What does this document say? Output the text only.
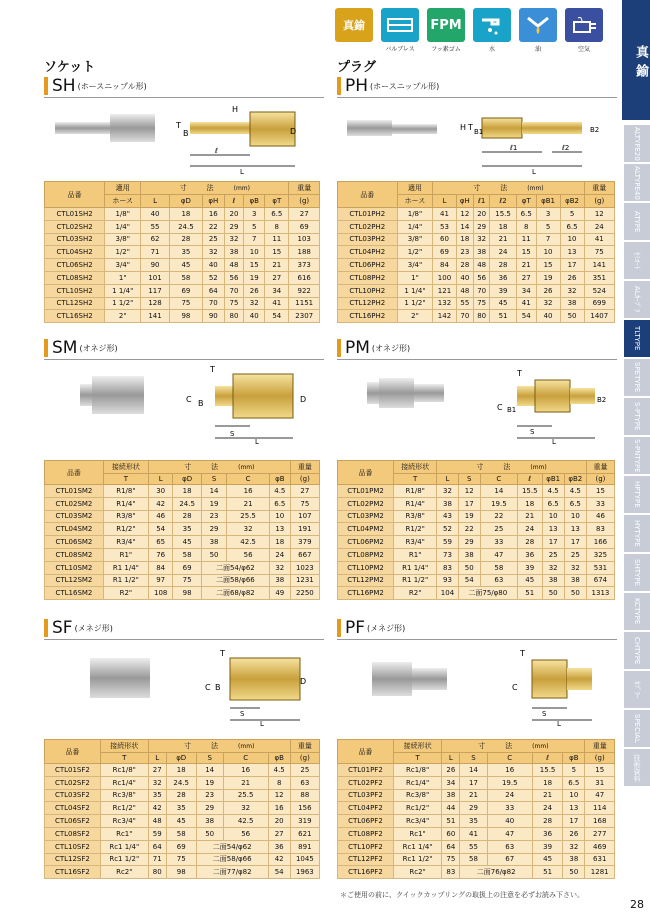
真鍮
バルブレス
FPM
フッ素ゴム	水	油	空気	真鍮
ALTYPE20
ALTYPE40
ATYPE
ｾﾐｵｰﾄ
ALｶｰﾌﾟﾗ
TLTYPE
SPETYPE
S-PTYPE
S-PNTYPE
HPTYPE
HYTYPE
SHTYPE
KCTYPE
CHTYPE
ｶﾌﾟﾗｰ
SPECIAL
技術資料
28
ソケット	プラグ
SH (ホースニップル形)	PH (ホースニップル形)
SM (オネジ形)	PM (オネジ形)
SF (メネジ形)	PF (メネジ形)
H
D
T
B
ℓ
L
H T B1	B2
ℓ1	ℓ2
L
T
C B	D
S
L
T
C B1
B2
S
L
T
C B
D
S
L
T
C
S
L
品番	適用	寸 法 (mm)						重量
	ホース	L	φD	φH	ℓ	φB	φT	(g)
CTL01SH2	1/8"	40	18	16	20	3	6.5	27
CTL02SH2	1/4"	55	24.5	22	29	5	8	69
CTL03SH2	3/8"	62	28	25	32	7	11	103
CTL04SH2	1/2"	71	35	32	38	10	15	188
CTL06SH2	3/4"	90	45	40	48	15	21	373
CTL08SH2	1"	101	58	52	56	19	27	616
CTL10SH2	1 1/4"	117	69	64	70	26	34	922
CTL12SH2	1 1/2"	128	75	70	75	32	41	1151
CTL16SH2	2"	141	98	90	80	40	54	2307
品番	適用	寸 法 (mm)							重量
	ホース	L	φH	ℓ1	ℓ2	φT	φB1	φB2	(g)
CTL01PH2	1/8"	41	12	20	15.5	6.5	3	5	12
CTL02PH2	1/4"	53	14	29	18	8	5	6.5	24
CTL03PH2	3/8"	60	18	32	21	11	7	10	41
CTL04PH2	1/2"	69	23	38	24	15	10	13	75
CTL06PH2	3/4"	84	28	48	28	21	15	17	141
CTL08PH2	1"	100	40	56	36	27	19	26	351
CTL10PH2	1 1/4"	121	48	70	39	34	26	32	524
CTL12PH2	1 1/2"	132	55	75	45	41	32	38	699
CTL16PH2	2"	142	70	80	51	54	40	50	1407
品番	接続形状	寸 法 (mm)					重量
	T	L	φD	S	C	φB	(g)
CTL01SM2	R1/8"	30	18	14	16	4.5	27
CTL02SM2	R1/4"	42	24.5	19	21	6.5	75
CTL03SM2	R3/8"	46	28	23	25.5	10	107
CTL04SM2	R1/2"	54	35	29	32	13	191
CTL06SM2	R3/4"	65	45	38	42.5	18	379
CTL08SM2	R1"	76	58	50	56	24	667
CTL10SM2	R1 1/4"	84	69	二面54/φ62		32	1023
CTL12SM2	R1 1/2"	97	75	二面58/φ66		38	1231
CTL16SM2	R2"	108	98	二面68/φ82		49	2250
品番	接続形状	寸 法 (mm)						重量
	T	L	S	C	ℓ	φB1	φB2	(g)
CTL01PM2	R1/8"	32	12	14	15.5	4.5	4.5	15
CTL02PM2	R1/4"	38	17	19.5	18	6.5	6.5	33
CTL03PM2	R3/8"	43	19	22	21	10	10	46
CTL04PM2	R1/2"	52	22	25	24	13	13	83
CTL06PM2	R3/4"	59	29	33	28	17	17	166
CTL08PM2	R1"	73	38	47	36	25	25	325
CTL10PM2	R1 1/4"	83	50	58	39	32	32	531
CTL12PM2	R1 1/2"	93	54	63	45	38	38	674
CTL16PM2	R2"	104	二面75/φ80		51	50	50	1313
品番	接続形状	寸 法 (mm)					重量
	T	L	φD	S	C	φB	(g)
CTL01SF2	Rc1/8"	27	18	14	16	4.5	25
CTL02SF2	Rc1/4"	32	24.5	19	21	8	63
CTL03SF2	Rc3/8"	35	28	23	25.5	12	88
CTL04SF2	Rc1/2"	42	35	29	32	16	156
CTL06SF2	Rc3/4"	48	45	38	42.5	20	319
CTL08SF2	Rc1"	59	58	50	56	27	621
CTL10SF2	Rc1 1/4"	64	69	二面54/φ62		36	891
CTL12SF2	Rc1 1/2"	71	75	二面58/φ66		42	1045
CTL16SF2	Rc2"	80	98	二面77/φ82		54	1963
品番	接続形状	寸 法 (mm)					重量
	T	L	S	C	ℓ	φB	(g)
CTL01PF2	Rc1/8"	26	14	16	15.5	5	15
CTL02PF2	Rc1/4"	34	17	19.5	18	6.5	31
CTL03PF2	Rc3/8"	38	21	24	21	10	47
CTL04PF2	Rc1/2"	44	29	33	24	13	114
CTL06PF2	Rc3/4"	51	35	40	28	17	168
CTL08PF2	Rc1"	60	41	47	36	26	277
CTL10PF2	Rc1 1/4"	64	55	63	39	32	469
CTL12PF2	Rc1 1/2"	75	58	67	45	38	631
CTL16PF2	Rc2"	83	二面76/φ82		51	50	1281
＊ご使用の前に、クイックカップリングの取扱上の注意を必ずお読み下さい。
